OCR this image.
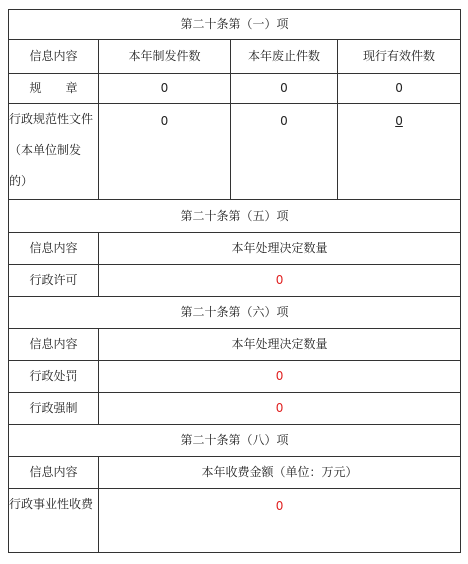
第二十条第（一）项			
信息内容	本年制发件数	本年废止件数	现行有效件数
规　　章	0	0	0
行政规范性文件（本单位制发的）	0	0	0
第二十条第（五）项			
信息内容	本年处理决定数量		
行政许可	0		
第二十条第（六）项			
信息内容	本年处理决定数量		
行政处罚	0		
行政强制	0		
第二十条第（八）项			
信息内容	本年收费金额（单位：万元）		
行政事业性收费	0		
